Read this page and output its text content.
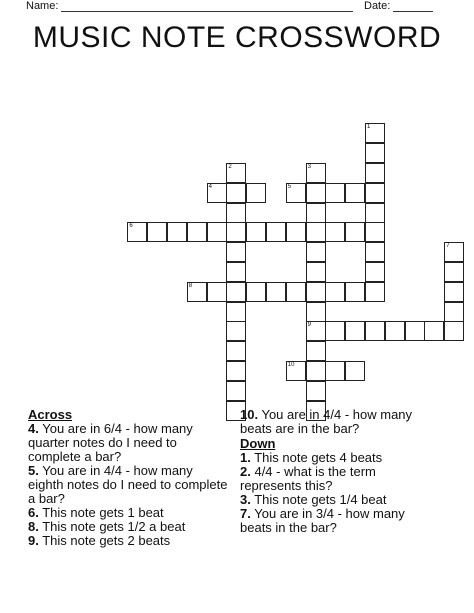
Name:	Date:
MUSIC NOTE CROSSWORD
1
2	3
9
4	5
6
8
7
10
Across
4. You are in 6/4 - how many quarter notes do I need to complete a bar?
5. You are in 4/4 - how many eighth notes do I need to complete a bar?
6. This note gets 1 beat
8. This note gets 1/2 a beat
9. This note gets 2 beats
10. You are in 4/4 - how many beats are in the bar?
Down
1. This note gets 4 beats
2. 4/4 - what is the term represents this?
3. This note gets 1/4 beat
7. You are in 3/4 - how many beats in the bar?
